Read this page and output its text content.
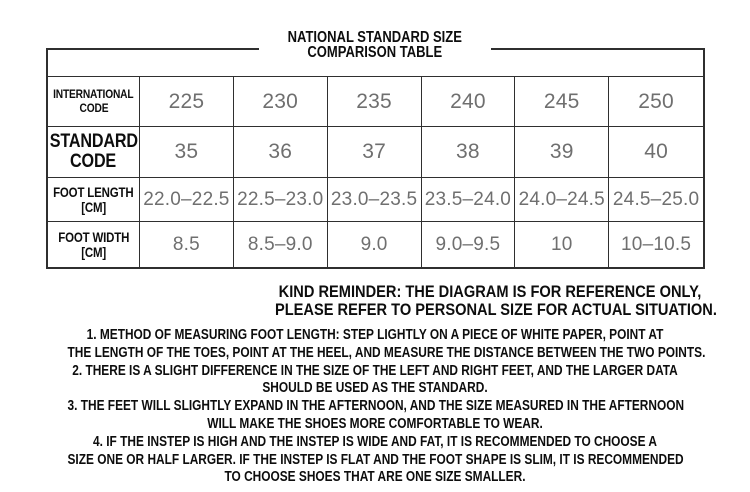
NATIONAL STANDARD SIZE
COMPARISON TABLE
INTERNATIONAL
CODE	225	230	235	240	245	250
STANDARD
CODE	35	36	37	38	39	40
FOOT LENGTH
[CM] 22.0–22.5 22.5–23.0 23.0–23.5 23.5–24.0 24.0–24.5 24.5–25.0
FOOT WIDTH
[CM]	8.5	8.5–9.0	9.0	9.0–9.5	10	10–10.5
KIND REMINDER: THE DIAGRAM IS FOR REFERENCE ONLY,
PLEASE REFER TO PERSONAL SIZE FOR ACTUAL SITUATION.
1. METHOD OF MEASURING FOOT LENGTH: STEP LIGHTLY ON A PIECE OF WHITE PAPER, POINT AT
THE LENGTH OF THE TOES, POINT AT THE HEEL, AND MEASURE THE DISTANCE BETWEEN THE TWO POINTS.
2. THERE IS A SLIGHT DIFFERENCE IN THE SIZE OF THE LEFT AND RIGHT FEET, AND THE LARGER DATA
SHOULD BE USED AS THE STANDARD.
3. THE FEET WILL SLIGHTLY EXPAND IN THE AFTERNOON, AND THE SIZE MEASURED IN THE AFTERNOON
WILL MAKE THE SHOES MORE COMFORTABLE TO WEAR.
4. IF THE INSTEP IS HIGH AND THE INSTEP IS WIDE AND FAT, IT IS RECOMMENDED TO CHOOSE A
SIZE ONE OR HALF LARGER. IF THE INSTEP IS FLAT AND THE FOOT SHAPE IS SLIM, IT IS RECOMMENDED
TO CHOOSE SHOES THAT ARE ONE SIZE SMALLER.
